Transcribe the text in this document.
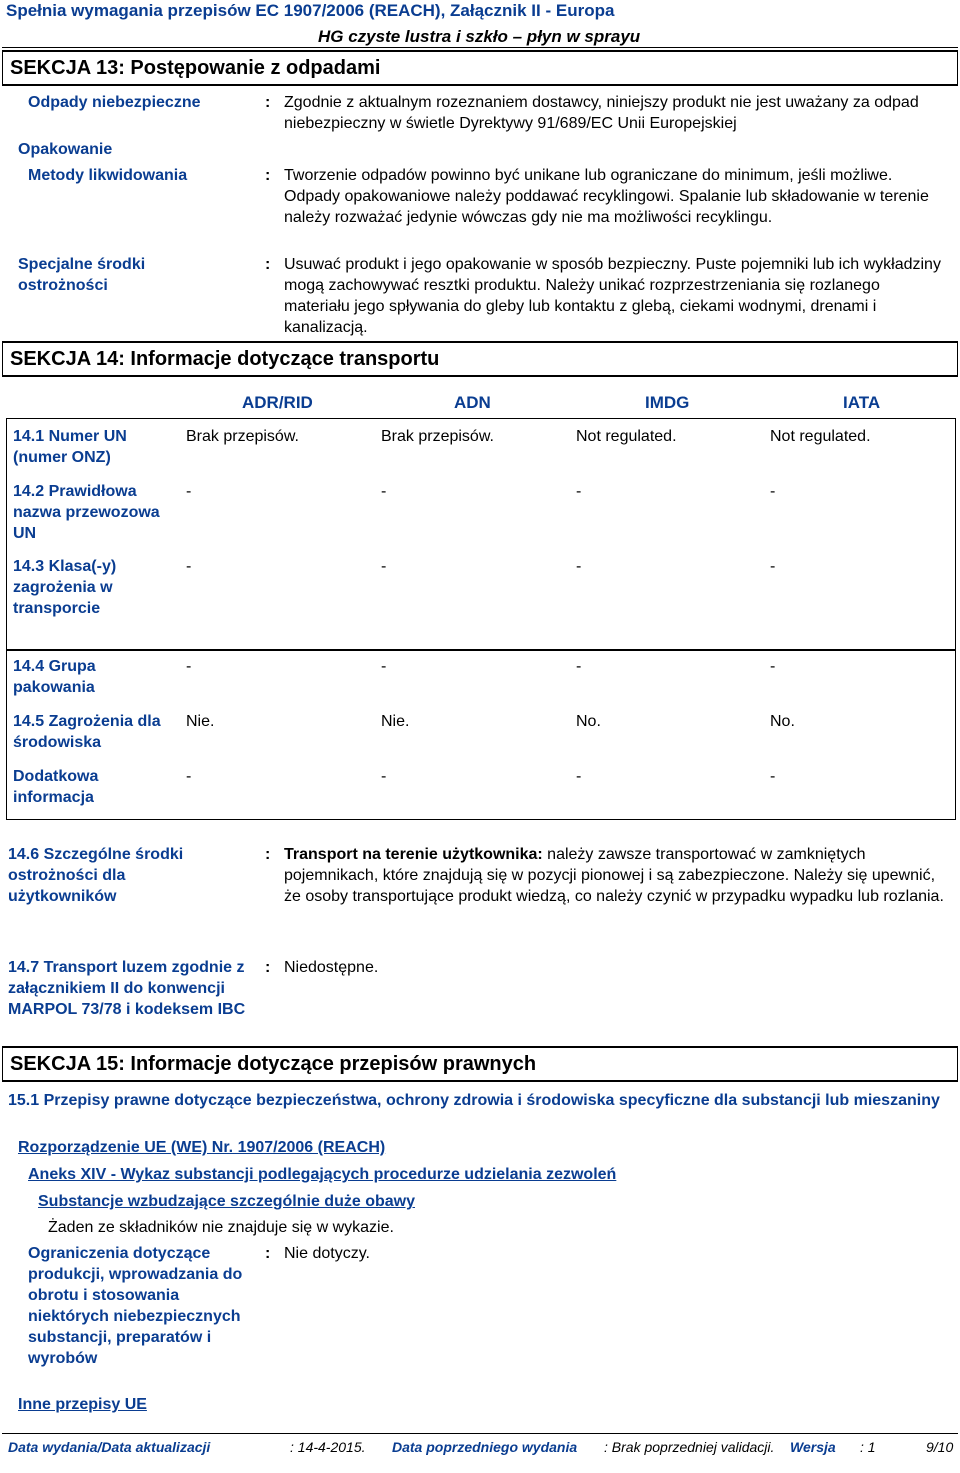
Spełnia wymagania przepisów EC 1907/2006 (REACH), Załącznik II - Europa
HG czyste lustra i szkło – płyn w sprayu
SEKCJA 13: Postępowanie z odpadami
Odpady niebezpieczne	: Zgodnie z aktualnym rozeznaniem dostawcy, niniejszy produkt nie jest uważany za odpad niebezpieczny w świetle Dyrektywy 91/689/EC Unii Europejskiej
Opakowanie
Metody likwidowania	: Tworzenie odpadów powinno być unikane lub ograniczane do minimum, jeśli możliwe. Odpady opakowaniowe należy poddawać recyklingowi. Spalanie lub składowanie w terenie należy rozważać jedynie wówczas gdy nie ma możliwości recyklingu.
Specjalne środki ostrożności
: Usuwać produkt i jego opakowanie w sposób bezpieczny. Puste pojemniki lub ich wykładziny mogą zachowywać resztki produktu. Należy unikać rozprzestrzeniania się rozlanego materiału jego spływania do gleby lub kontaktu z glebą, ciekami wodnymi, drenami i kanalizacją.
SEKCJA 14: Informacje dotyczące transportu
ADR/RID	ADN	IMDG	IATA
14.1 Numer UN (numer ONZ)
Brak przepisów.	Brak przepisów.	Not regulated.	Not regulated.
14.2 Prawidłowa nazwa przewozowa UN
-	-	-	-
14.3 Klasa(-y) zagrożenia w transporcie
-	-	-	-
14.4 Grupa pakowania
-	-	-	-
14.5 Zagrożenia dla środowiska
Nie.	Nie.	No.	No.
Dodatkowa informacja
-	-	-	-
14.6 Szczególne środki ostrożności dla użytkowników
: Transport na terenie użytkownika: należy zawsze transportować w zamkniętych pojemnikach, które znajdują się w pozycji pionowej i są zabezpieczone. Należy się upewnić, że osoby transportujące produkt wiedzą, co należy czynić w przypadku wypadku lub rozlania.
14.7 Transport luzem zgodnie z załącznikiem II do konwencji MARPOL 73/78 i kodeksem IBC
: Niedostępne.
SEKCJA 15: Informacje dotyczące przepisów prawnych
15.1 Przepisy prawne dotyczące bezpieczeństwa, ochrony zdrowia i środowiska specyficzne dla substancji lub mieszaniny
Rozporządzenie UE (WE) Nr. 1907/2006 (REACH)
Aneks XIV - Wykaz substancji podlegających procedurze udzielania zezwoleń
Substancje wzbudzające szczególnie duże obawy
Żaden ze składników nie znajduje się w wykazie.
Ograniczenia dotyczące produkcji, wprowadzania do obrotu i stosowania niektórych niebezpiecznych substancji, preparatów i wyrobów
: Nie dotyczy.
Inne przepisy UE
Data wydania/Data aktualizacji	: 14-4-2015. Data poprzedniego wydania : Brak poprzedniej validacji. Wersja : 1	9/10
